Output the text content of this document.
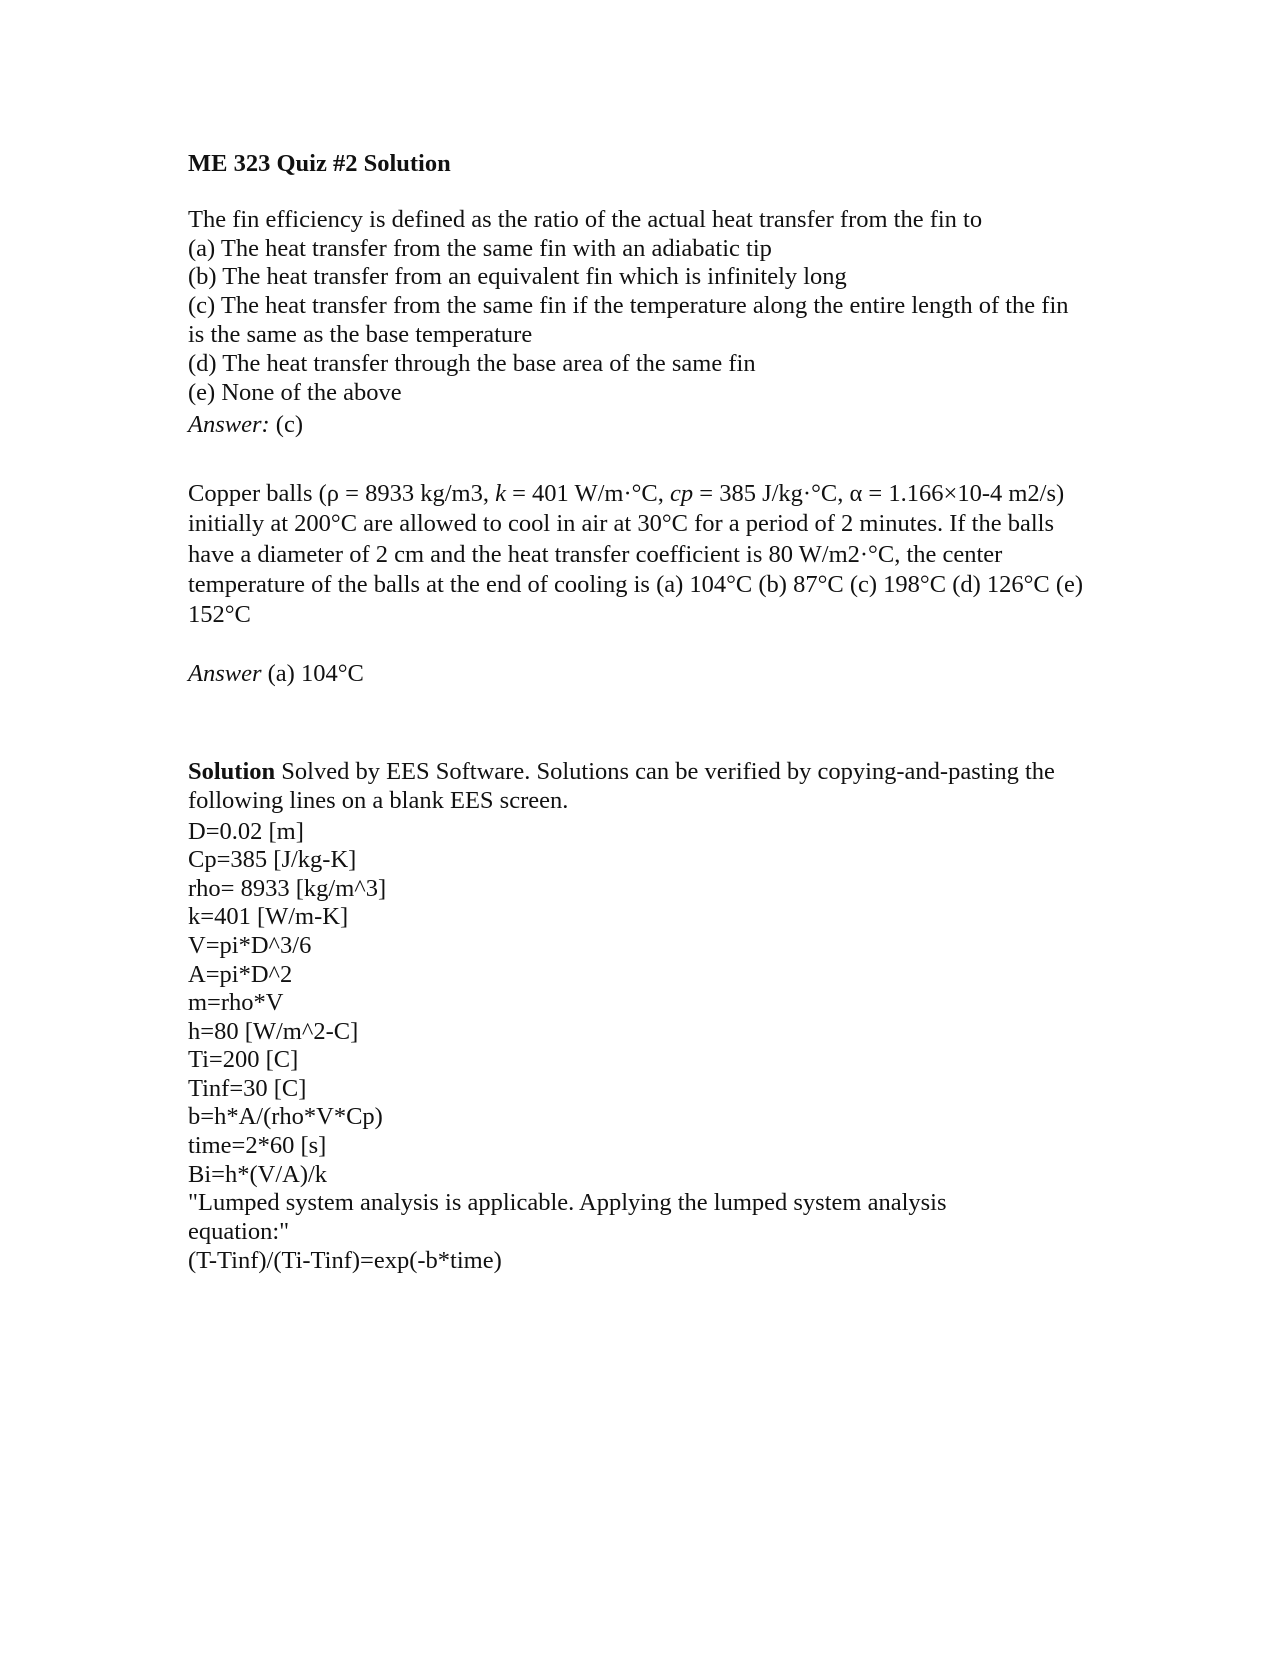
ME 323 Quiz #2 Solution
The fin efficiency is defined as the ratio of the actual heat transfer from the fin to
(a) The heat transfer from the same fin with an adiabatic tip
(b) The heat transfer from an equivalent fin which is infinitely long
(c) The heat transfer from the same fin if the temperature along the entire length of the fin
is the same as the base temperature
(d) The heat transfer through the base area of the same fin
(e) None of the above
Answer: (c)
Copper balls (ρ = 8933 kg/m3, k = 401 W/m·°C, cp = 385 J/kg·°C, α = 1.166×10-4 m2/s) initially at 200°C are allowed to cool in air at 30°C for a period of 2 minutes. If the balls have a diameter of 2 cm and the heat transfer coefficient is 80 W/m2·°C, the center temperature of the balls at the end of cooling is (a) 104°C (b) 87°C (c) 198°C (d) 126°C (e) 152°C
Answer (a) 104°C
Solution Solved by EES Software. Solutions can be verified by copying-and-pasting the following lines on a blank EES screen.
D=0.02 [m]
Cp=385 [J/kg-K]
rho= 8933 [kg/m^3]
k=401 [W/m-K]
V=pi*D^3/6
A=pi*D^2
m=rho*V
h=80 [W/m^2-C]
Ti=200 [C]
Tinf=30 [C]
b=h*A/(rho*V*Cp)
time=2*60 [s]
Bi=h*(V/A)/k
"Lumped system analysis is applicable. Applying the lumped system analysis equation:"
(T-Tinf)/(Ti-Tinf)=exp(-b*time)
